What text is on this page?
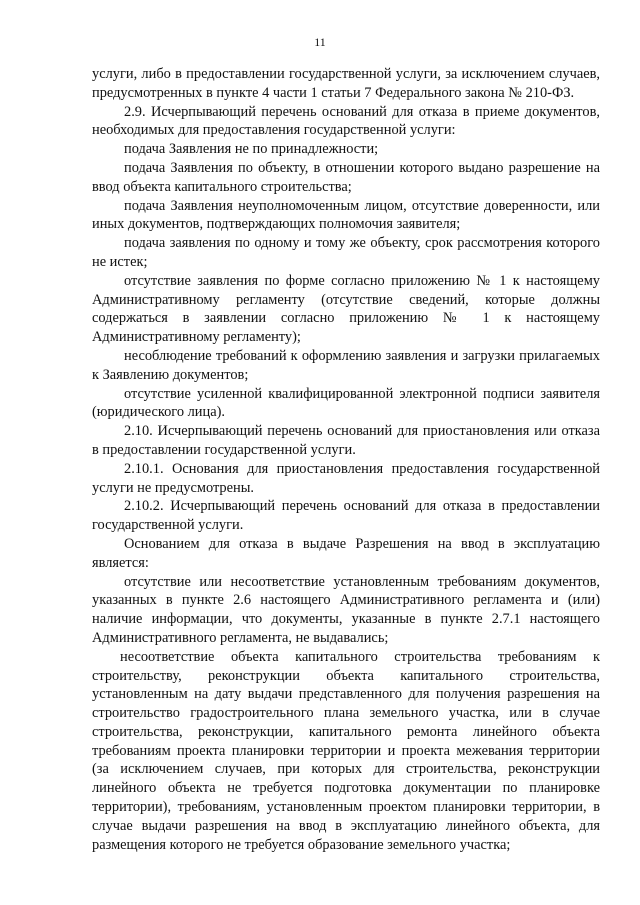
11

услуги, либо в предоставлении государственной услуги, за исключением случаев, предусмотренных в пункте 4 части 1 статьи 7 Федерального закона № 210-ФЗ.

2.9. Исчерпывающий перечень оснований для отказа в приеме документов, необходимых для предоставления государственной услуги:

подача Заявления не по принадлежности;

подача Заявления по объекту, в отношении которого выдано разрешение на ввод объекта капитального строительства;

подача Заявления неуполномоченным лицом, отсутствие доверенности, или иных документов, подтверждающих полномочия заявителя;

подача заявления по одному и тому же объекту, срок рассмотрения которого не истек;

отсутствие заявления по форме согласно приложению № 1 к настоящему Административному регламенту (отсутствие сведений, которые должны содержаться в заявлении согласно приложению № 1 к настоящему Административному регламенту);

несоблюдение требований к оформлению заявления и загрузки прилагаемых к Заявлению документов;

отсутствие усиленной квалифицированной электронной подписи заявителя (юридического лица).

2.10. Исчерпывающий перечень оснований для приостановления или отказа в предоставлении государственной услуги.

2.10.1. Основания для приостановления предоставления государственной услуги не предусмотрены.

2.10.2. Исчерпывающий перечень оснований для отказа в предоставлении государственной услуги.

Основанием для отказа в выдаче Разрешения на ввод в эксплуатацию является:

отсутствие или несоответствие установленным требованиям документов, указанных в пункте 2.6 настоящего Административного регламента и (или) наличие информации, что документы, указанные в пункте 2.7.1 настоящего Административного регламента, не выдавались;

несоответствие объекта капитального строительства требованиям к строительству, реконструкции объекта капитального строительства, установленным на дату выдачи представленного для получения разрешения на строительство градостроительного плана земельного участка, или в случае строительства, реконструкции, капитального ремонта линейного объекта требованиям проекта планировки территории и проекта межевания территории (за исключением случаев, при которых для строительства, реконструкции линейного объекта не требуется подготовка документации по планировке территории), требованиям, установленным проектом планировки территории, в случае выдачи разрешения на ввод в эксплуатацию линейного объекта, для размещения которого не требуется образование земельного участка;
